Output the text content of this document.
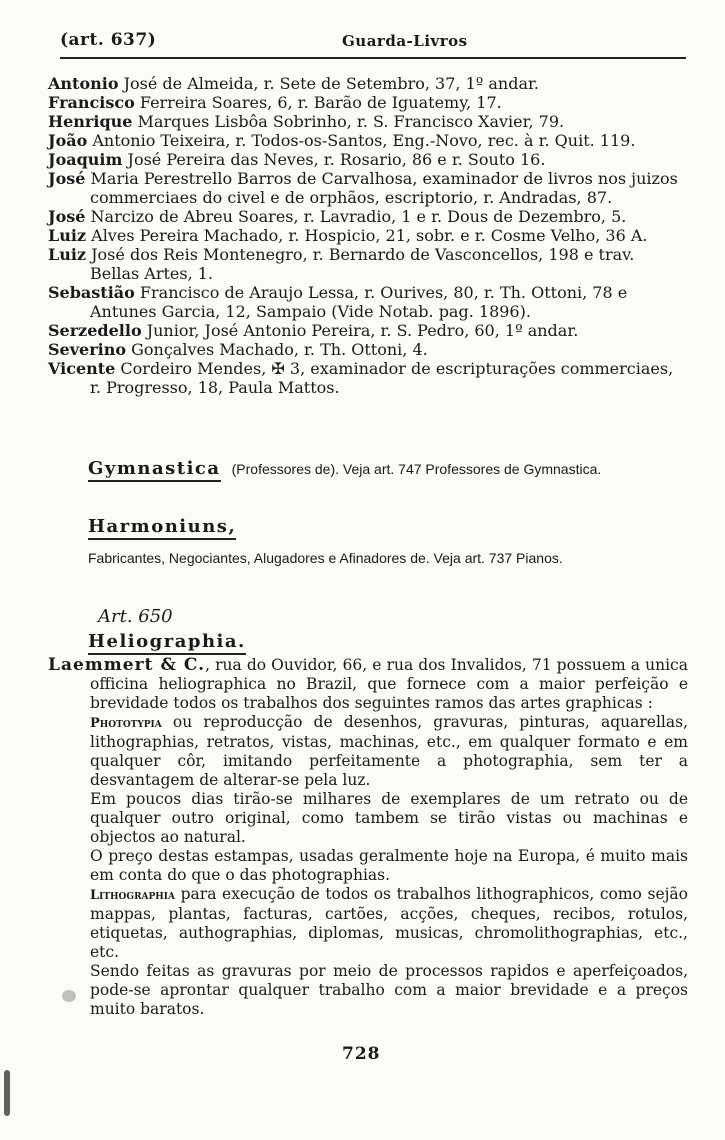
(art. 637)	Guarda-Livros

Antonio José de Almeida, r. Sete de Setembro, 37, 1º andar.

Francisco Ferreira Soares, 6, r. Barão de Iguatemy, 17.

Henrique Marques Lisbôa Sobrinho, r. S. Francisco Xavier, 79.

João Antonio Teixeira, r. Todos-os-Santos, Eng.-Novo, rec. à r. Quit. 119.

Joaquim José Pereira das Neves, r. Rosario, 86 e r. Souto 16.

José Maria Perestrello Barros de Carvalhosa, examinador de livros nos juizos commerciaes do civel e de orphãos, escriptorio, r. Andradas, 87.

José Narcizo de Abreu Soares, r. Lavradio, 1 e r. Dous de Dezembro, 5.

Luiz Alves Pereira Machado, r. Hospicio, 21, sobr. e r. Cosme Velho, 36 A.

Luiz José dos Reis Montenegro, r. Bernardo de Vasconcellos, 198 e trav. Bellas Artes, 1.

Sebastião Francisco de Araujo Lessa, r. Ourives, 80, r. Th. Ottoni, 78 e Antunes Garcia, 12, Sampaio (Vide Notab. pag. 1896).

Serzedello Junior, José Antonio Pereira, r. S. Pedro, 60, 1º andar.

Severino Gonçalves Machado, r. Th. Ottoni, 4.

Vicente Cordeiro Mendes, ✠ 3, examinador de escripturações commerciaes, r. Progresso, 18, Paula Mattos.

Gymnastica (Professores de). Veja art. 747 Professores de Gymnastica.
Harmoniuns,
Fabricantes, Negociantes, Alugadores e Afinadores de. Veja art. 737 Pianos.
Art. 650
Heliographia.

Laemmert & C., rua do Ouvidor, 66, e rua dos Invalidos, 71 possuem a unica officina heliographica no Brazil, que fornece com a maior perfeição e brevidade todos os trabalhos dos seguintes ramos das artes graphicas :

Phototypia ou reproducção de desenhos, gravuras, pinturas, aquarellas, lithographias, retratos, vistas, machinas, etc., em qualquer formato e em qualquer côr, imitando perfeitamente a photographia, sem ter a desvantagem de alterar-se pela luz.

Em poucos dias tirão-se milhares de exemplares de um retrato ou de qualquer outro original, como tambem se tirão vistas ou machinas e objectos ao natural.

O preço destas estampas, usadas geralmente hoje na Europa, é muito mais em conta do que o das photographias.

Lithographia para execução de todos os trabalhos lithographicos, como sejão mappas, plantas, facturas, cartões, acções, cheques, recibos, rotulos, etiquetas, authographias, diplomas, musicas, chromolithographias, etc., etc.

Sendo feitas as gravuras por meio de processos rapidos e aperfeiçoados, pode-se aprontar qualquer trabalho com a maior brevidade e a preços muito baratos.

728
